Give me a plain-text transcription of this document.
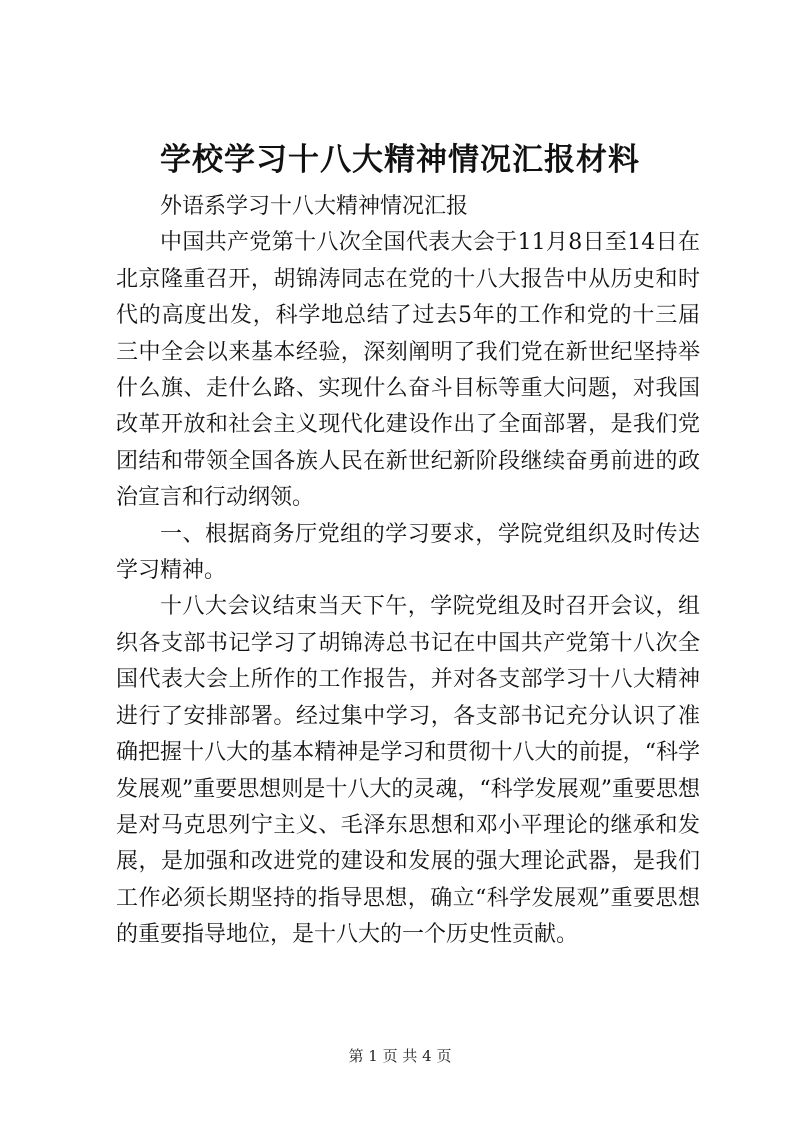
学校学习十八大精神情况汇报材料

外语系学习十八大精神情况汇报

中国共产党第十八次全国代表大会于11月8日至14日在北京隆重召开，胡锦涛同志在党的十八大报告中从历史和时代的高度出发，科学地总结了过去5年的工作和党的十三届三中全会以来基本经验，深刻阐明了我们党在新世纪坚持举什么旗、走什么路、实现什么奋斗目标等重大问题，对我国改革开放和社会主义现代化建设作出了全面部署，是我们党团结和带领全国各族人民在新世纪新阶段继续奋勇前进的政治宣言和行动纲领。

一、根据商务厅党组的学习要求，学院党组织及时传达学习精神。

十八大会议结束当天下午，学院党组及时召开会议，组织各支部书记学习了胡锦涛总书记在中国共产党第十八次全国代表大会上所作的工作报告，并对各支部学习十八大精神进行了安排部署。经过集中学习，各支部书记充分认识了准确把握十八大的基本精神是学习和贯彻十八大的前提，“科学发展观”重要思想则是十八大的灵魂，“科学发展观”重要思想是对马克思列宁主义、毛泽东思想和邓小平理论的继承和发展，是加强和改进党的建设和发展的强大理论武器，是我们工作必须长期坚持的指导思想，确立“科学发展观”重要思想的重要指导地位，是十八大的一个历史性贡献。

第 1 页 共 4 页
